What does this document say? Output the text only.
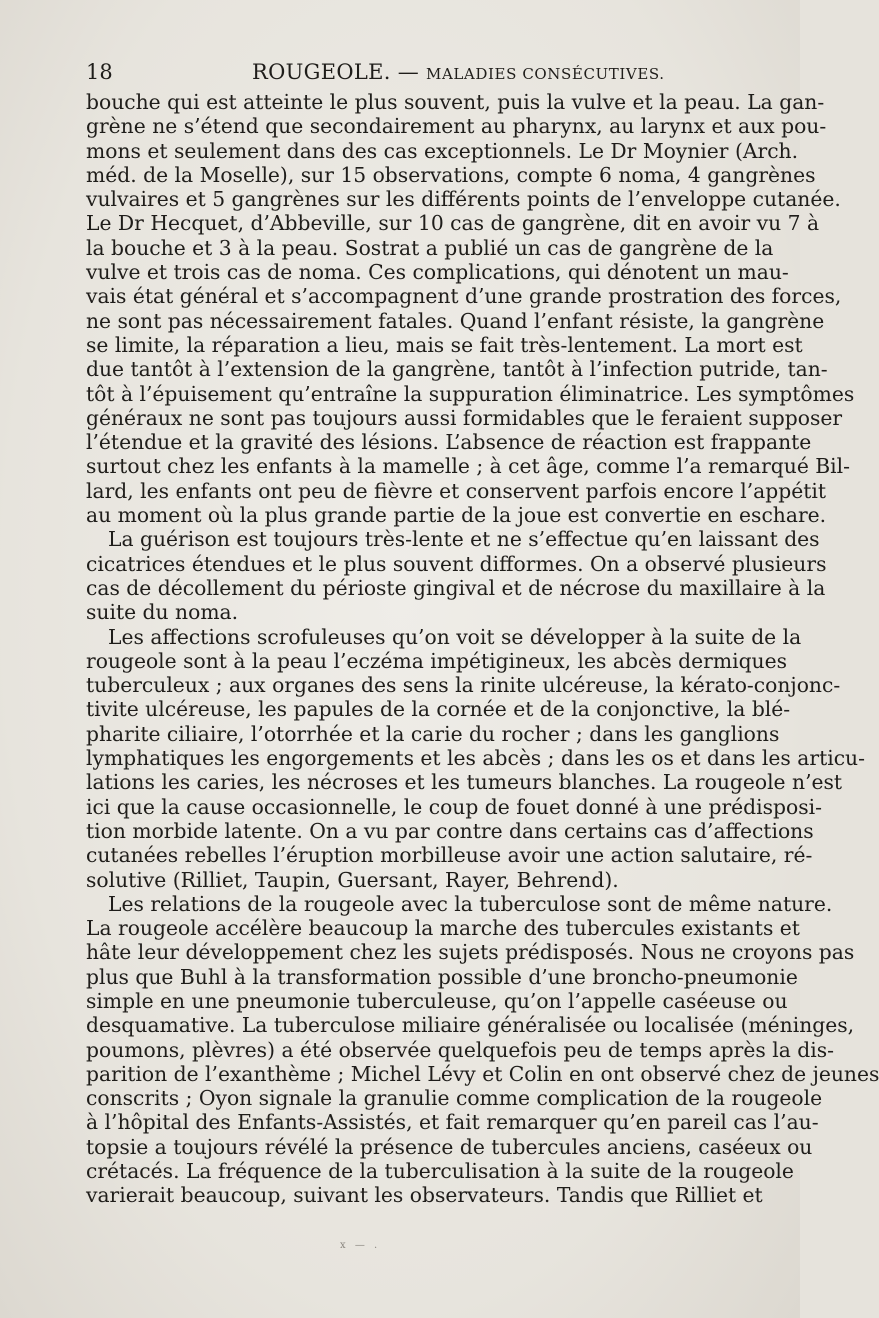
18	ROUGEOLE. — MALADIES CONSÉCUTIVES.
bouche qui est atteinte le plus souvent, puis la vulve et la peau. La gan-
grène ne s’étend que secondairement au pharynx, au larynx et aux pou-
mons et seulement dans des cas exceptionnels. Le Dr Moynier (Arch.
méd. de la Moselle), sur 15 observations, compte 6 noma, 4 gangrènes
vulvaires et 5 gangrènes sur les différents points de l’enveloppe cutanée.
Le Dr Hecquet, d’Abbeville, sur 10 cas de gangrène, dit en avoir vu 7 à
la bouche et 3 à la peau. Sostrat a publié un cas de gangrène de la
vulve et trois cas de noma. Ces complications, qui dénotent un mau-
vais état général et s’accompagnent d’une grande prostration des forces,
ne sont pas nécessairement fatales. Quand l’enfant résiste, la gangrène
se limite, la réparation a lieu, mais se fait très-lentement. La mort est
due tantôt à l’extension de la gangrène, tantôt à l’infection putride, tan-
tôt à l’épuisement qu’entraîne la suppuration éliminatrice. Les symptômes
généraux ne sont pas toujours aussi formidables que le feraient supposer
l’étendue et la gravité des lésions. L’absence de réaction est frappante
surtout chez les enfants à la mamelle ; à cet âge, comme l’a remarqué Bil-
lard, les enfants ont peu de fièvre et conservent parfois encore l’appétit
au moment où la plus grande partie de la joue est convertie en eschare.
La guérison est toujours très-lente et ne s’effectue qu’en laissant des
cicatrices étendues et le plus souvent difformes. On a observé plusieurs
cas de décollement du périoste gingival et de nécrose du maxillaire à la
suite du noma.
Les affections scrofuleuses qu’on voit se développer à la suite de la
rougeole sont à la peau l’eczéma impétigineux, les abcès dermiques
tuberculeux ; aux organes des sens la rinite ulcéreuse, la kérato-conjonc-
tivite ulcéreuse, les papules de la cornée et de la conjonctive, la blé-
pharite ciliaire, l’otorrhée et la carie du rocher ; dans les ganglions
lymphatiques les engorgements et les abcès ; dans les os et dans les articu-
lations les caries, les nécroses et les tumeurs blanches. La rougeole n’est
ici que la cause occasionnelle, le coup de fouet donné à une prédisposi-
tion morbide latente. On a vu par contre dans certains cas d’affections
cutanées rebelles l’éruption morbilleuse avoir une action salutaire, ré-
solutive (Rilliet, Taupin, Guersant, Rayer, Behrend).
Les relations de la rougeole avec la tuberculose sont de même nature.
La rougeole accélère beaucoup la marche des tubercules existants et
hâte leur développement chez les sujets prédisposés. Nous ne croyons pas
plus que Buhl à la transformation possible d’une broncho-pneumonie
simple en une pneumonie tuberculeuse, qu’on l’appelle caséeuse ou
desquamative. La tuberculose miliaire généralisée ou localisée (méninges,
poumons, plèvres) a été observée quelquefois peu de temps après la dis-
parition de l’exanthème ; Michel Lévy et Colin en ont observé chez de jeunes
conscrits ; Oyon signale la granulie comme complication de la rougeole
à l’hôpital des Enfants-Assistés, et fait remarquer qu’en pareil cas l’au-
topsie a toujours révélé la présence de tubercules anciens, caséeux ou
crétacés. La fréquence de la tuberculisation à la suite de la rougeole
varierait beaucoup, suivant les observateurs. Tandis que Rilliet et
x — .
